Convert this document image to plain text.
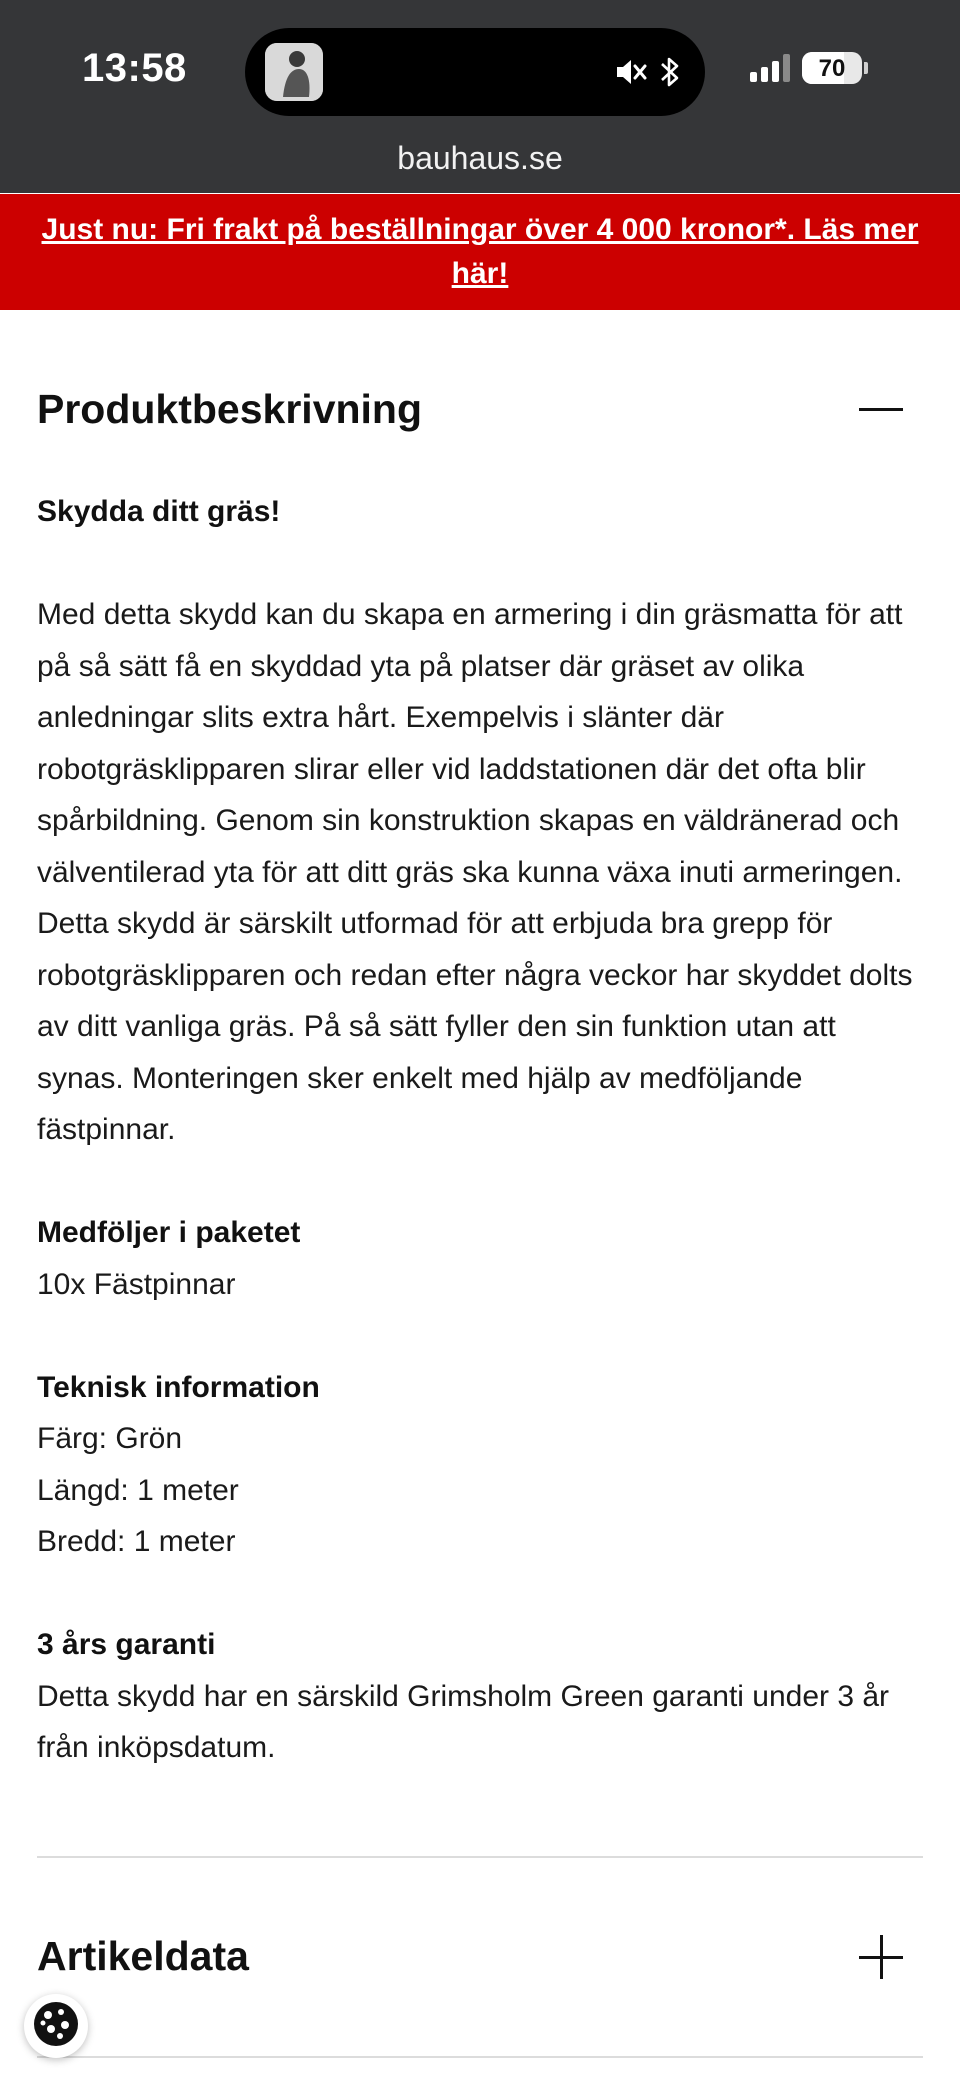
13:58	70
bauhaus.se
Just nu: Fri frakt på beställningar över 4 000 kronor*. Läs mer här!
Produktbeskrivning

Skydda ditt gräs!

Med detta skydd kan du skapa en armering i din gräsmatta för att på så sätt få en skyddad yta på platser där gräset av olika anledningar slits extra hårt. Exempelvis i slänter där robotgräsklipparen slirar eller vid laddstationen där det ofta blir spårbildning. Genom sin konstruktion skapas en väldränerad och välventilerad yta för att ditt gräs ska kunna växa inuti armeringen. Detta skydd är särskilt utformad för att erbjuda bra grepp för robotgräsklipparen och redan efter några veckor har skyddet dolts av ditt vanliga gräs. På så sätt fyller den sin funktion utan att synas. Monteringen sker enkelt med hjälp av medföljande fästpinnar.

Medföljer i paketet

10x Fästpinnar

Teknisk information

Färg: Grön

Längd: 1 meter

Bredd: 1 meter

3 års garanti

Detta skydd har en särskild Grimsholm Green garanti under 3 år från inköpsdatum.

Artikeldata
